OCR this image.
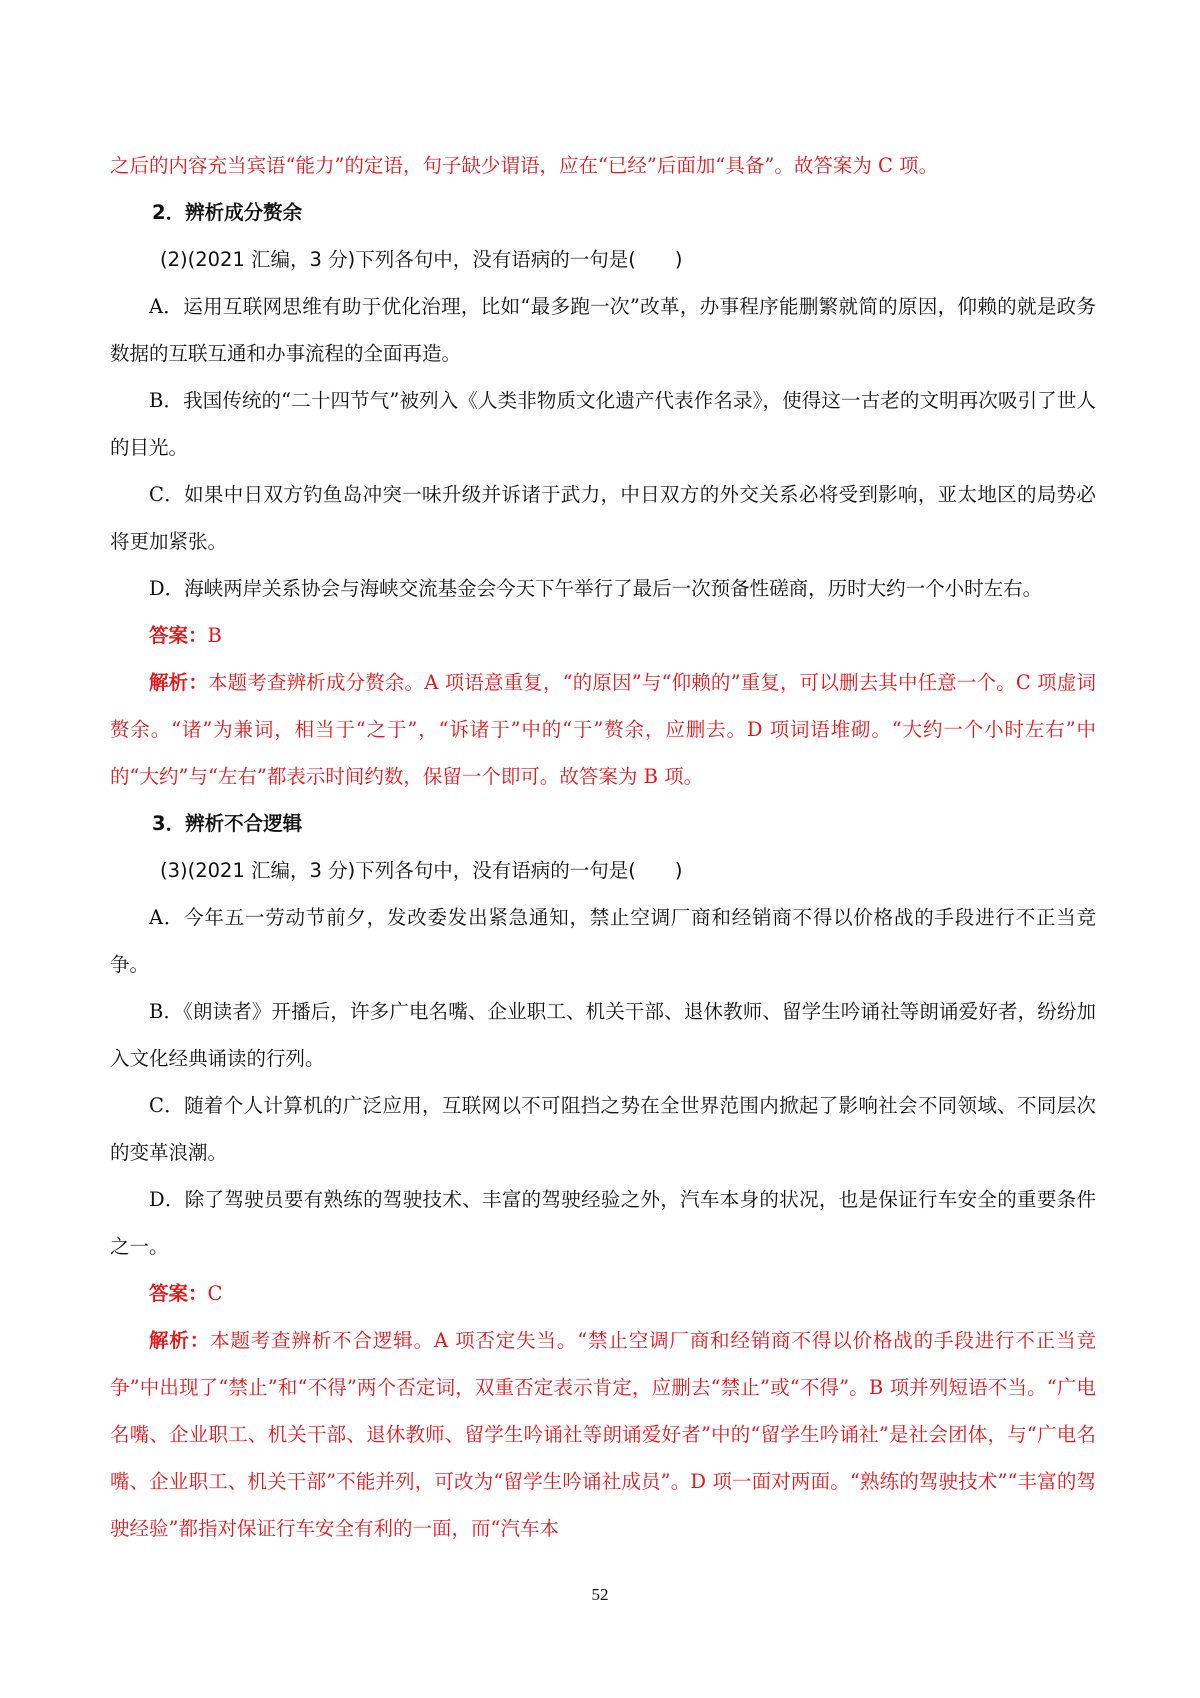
之后的内容充当宾语“能力”的定语，句子缺少谓语，应在“已经”后面加“具备”。故答案为 C 项。

2．辨析成分赘余

(2)(2021 汇编，3 分)下列各句中，没有语病的一句是(　　)

A．运用互联网思维有助于优化治理，比如“最多跑一次”改革，办事程序能删繁就简的原因，仰赖的就是政务数据的互联互通和办事流程的全面再造。

B．我国传统的“二十四节气”被列入《人类非物质文化遗产代表作名录》，使得这一古老的文明再次吸引了世人的目光。

C．如果中日双方钓鱼岛冲突一味升级并诉诸于武力，中日双方的外交关系必将受到影响，亚太地区的局势必将更加紧张。

D．海峡两岸关系协会与海峡交流基金会今天下午举行了最后一次预备性磋商，历时大约一个小时左右。

答案：B

解析：本题考查辨析成分赘余。A 项语意重复，“的原因”与“仰赖的”重复，可以删去其中任意一个。C 项虚词赘余。“诸”为兼词，相当于“之于”，“诉诸于”中的“于”赘余，应删去。D 项词语堆砌。“大约一个小时左右”中的“大约”与“左右”都表示时间约数，保留一个即可。故答案为 B 项。

3．辨析不合逻辑

(3)(2021 汇编，3 分)下列各句中，没有语病的一句是(　　)

A．今年五一劳动节前夕，发改委发出紧急通知，禁止空调厂商和经销商不得以价格战的手段进行不正当竞争。

B．《朗读者》开播后，许多广电名嘴、企业职工、机关干部、退休教师、留学生吟诵社等朗诵爱好者，纷纷加入文化经典诵读的行列。

C．随着个人计算机的广泛应用，互联网以不可阻挡之势在全世界范围内掀起了影响社会不同领域、不同层次的变革浪潮。

D．除了驾驶员要有熟练的驾驶技术、丰富的驾驶经验之外，汽车本身的状况，也是保证行车安全的重要条件之一。

答案：C

解析：本题考查辨析不合逻辑。A 项否定失当。“禁止空调厂商和经销商不得以价格战的手段进行不正当竞争”中出现了“禁止”和“不得”两个否定词，双重否定表示肯定，应删去“禁止”或“不得”。B 项并列短语不当。“广电名嘴、企业职工、机关干部、退休教师、留学生吟诵社等朗诵爱好者”中的“留学生吟诵社”是社会团体，与“广电名嘴、企业职工、机关干部”不能并列，可改为“留学生吟诵社成员”。D 项一面对两面。“熟练的驾驶技术”“丰富的驾驶经验”都指对保证行车安全有利的一面，而“汽车本

52
